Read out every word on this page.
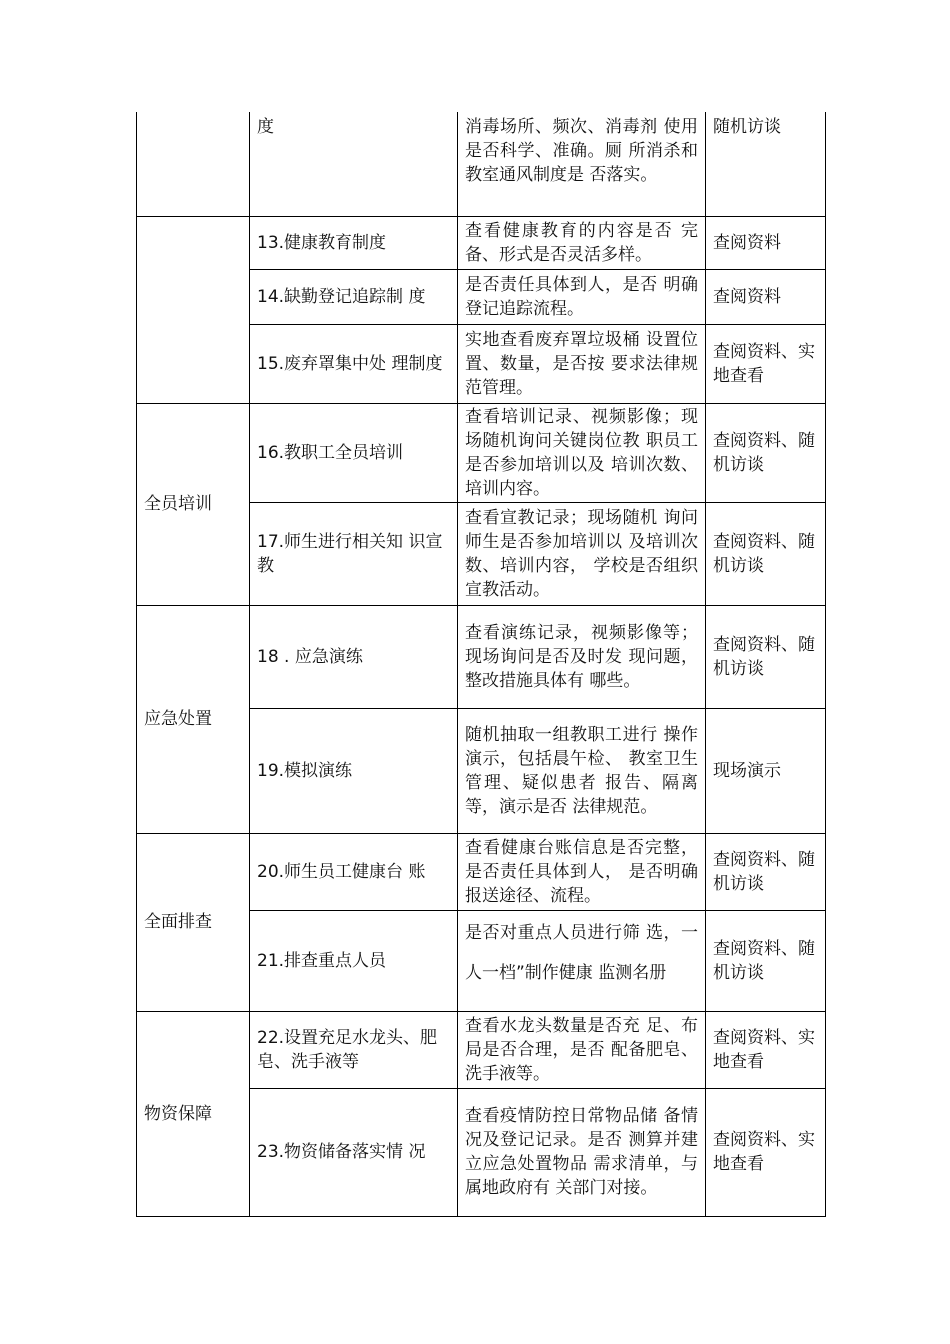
	度	消毒场所、频次、消毒剂 使用是否科学、准确。厕 所消杀和教室通风制度是 否落实。	随机访谈
	13.健康教育制度	查看健康教育的内容是否 完备、形式是否灵活多样。	查阅资料
	14.缺勤登记追踪制 度	是否责任具体到人，是否 明确登记追踪流程。	查阅资料
	15.废弃罩集中处 理制度	实地查看废弃罩垃圾桶 设置位置、数量，是否按 要求法律规范管理。	查阅资料、实地查看
全员培训	16.教职工全员培训	查看培训记录、视频影像；现场随机询问关键岗位教 职员工是否参加培训以及 培训次数、培训内容。	查阅资料、随机访谈
	17.师生进行相关知 识宣教	查看宣教记录；现场随机 询问师生是否参加培训以 及培训次数、培训内容， 学校是否组织宣教活动。	查阅资料、随机访谈
应急处置	18 . 应急演练	查看演练记录，视频影像等；现场询问是否及时发 现问题，整改措施具体有 哪些。	查阅资料、随机访谈
	19.模拟演练	随机抽取一组教职工进行 操作演示，包括晨午检、 教室卫生管理、疑似患者 报告、隔离等，演示是否 法律规范。	现场演示
全面排查	20.师生员工健康台 账	查看健康台账信息是否完整，是否责任具体到人， 是否明确报送途径、流程。	查阅资料、随机访谈
	21.排查重点人员	是否对重点人员进行筛 选，一人一档”制作健康 监测名册	查阅资料、随机访谈
物资保障	22.设置充足水龙头、肥皂、洗手液等	查看水龙头数量是否充 足、布局是否合理，是否 配备肥皂、洗手液等。	查阅资料、实地查看
	23.物资储备落实情 况	查看疫情防控日常物品储 备情况及登记记录。是否 测算并建立应急处置物品 需求清单，与属地政府有 关部门对接。	查阅资料、实地查看
